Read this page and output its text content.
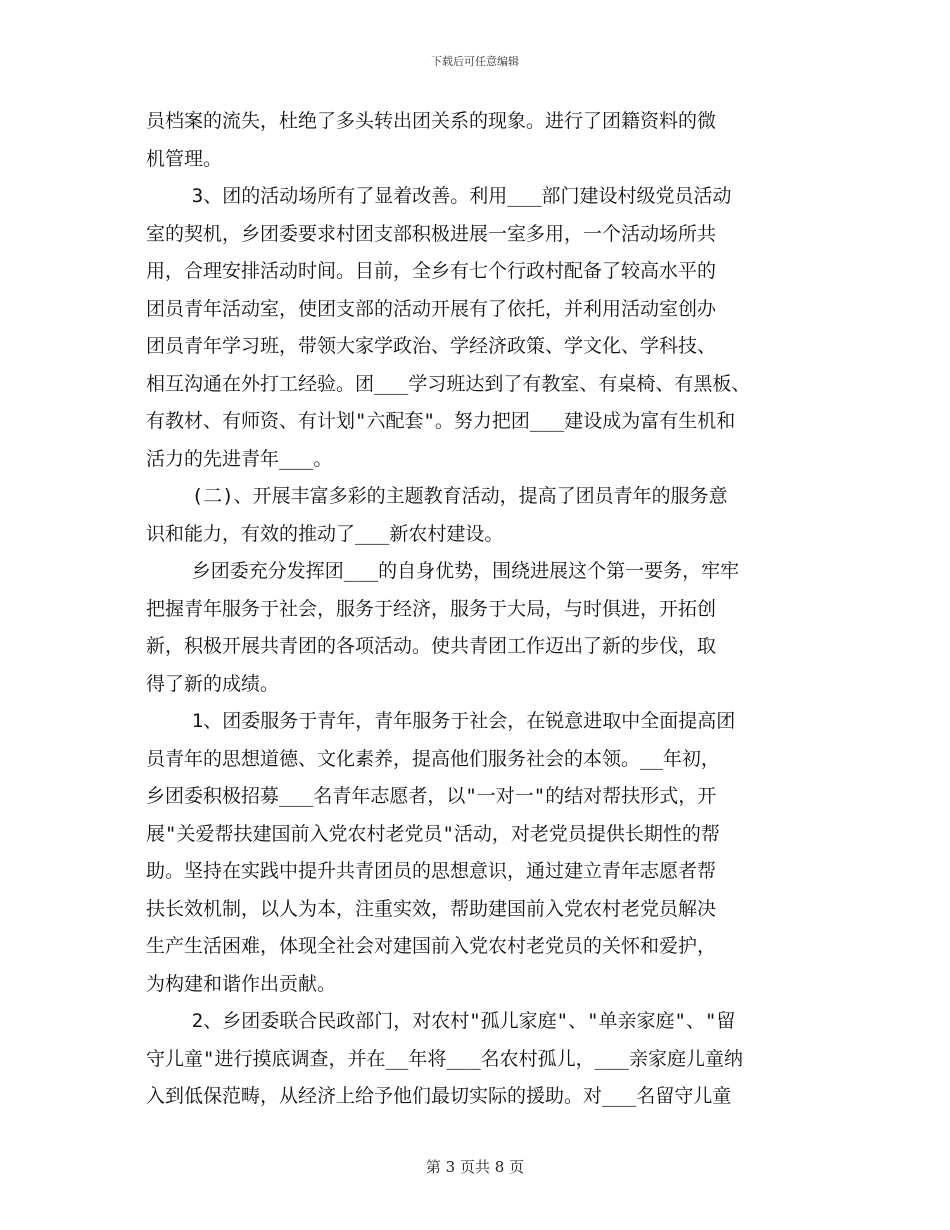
下载后可任意编辑
员档案的流失，杜绝了多头转出团关系的现象。进行了团籍资料的微
机管理。
3、团的活动场所有了显着改善。利用___部门建设村级党员活动
室的契机，乡团委要求村团支部积极进展一室多用，一个活动场所共
用，合理安排活动时间。目前，全乡有七个行政村配备了较高水平的
团员青年活动室，使团支部的活动开展有了依托，并利用活动室创办
团员青年学习班，带领大家学政治、学经济政策、学文化、学科技、
相互沟通在外打工经验。团___学习班达到了有教室、有桌椅、有黑板、
有教材、有师资、有计划"六配套"。努力把团___建设成为富有生机和
活力的先进青年___。
(二)、开展丰富多彩的主题教育活动，提高了团员青年的服务意
识和能力，有效的推动了___新农村建设。
乡团委充分发挥团___的自身优势，围绕进展这个第一要务，牢牢
把握青年服务于社会，服务于经济，服务于大局，与时俱进，开拓创
新，积极开展共青团的各项活动。使共青团工作迈出了新的步伐，取
得了新的成绩。
1、团委服务于青年，青年服务于社会，在锐意进取中全面提高团
员青年的思想道德、文化素养，提高他们服务社会的本领。__年初，
乡团委积极招募___名青年志愿者，以"一对一"的结对帮扶形式，开
展"关爱帮扶建国前入党农村老党员"活动，对老党员提供长期性的帮
助。坚持在实践中提升共青团员的思想意识，通过建立青年志愿者帮
扶长效机制，以人为本，注重实效，帮助建国前入党农村老党员解决
生产生活困难，体现全社会对建国前入党农村老党员的关怀和爱护，
为构建和谐作出贡献。
2、乡团委联合民政部门，对农村"孤儿家庭"、"单亲家庭"、"留
守儿童"进行摸底调查，并在__年将___名农村孤儿，___亲家庭儿童纳
入到低保范畴，从经济上给予他们最切实际的援助。对___名留守儿童
第 3 页共 8 页
